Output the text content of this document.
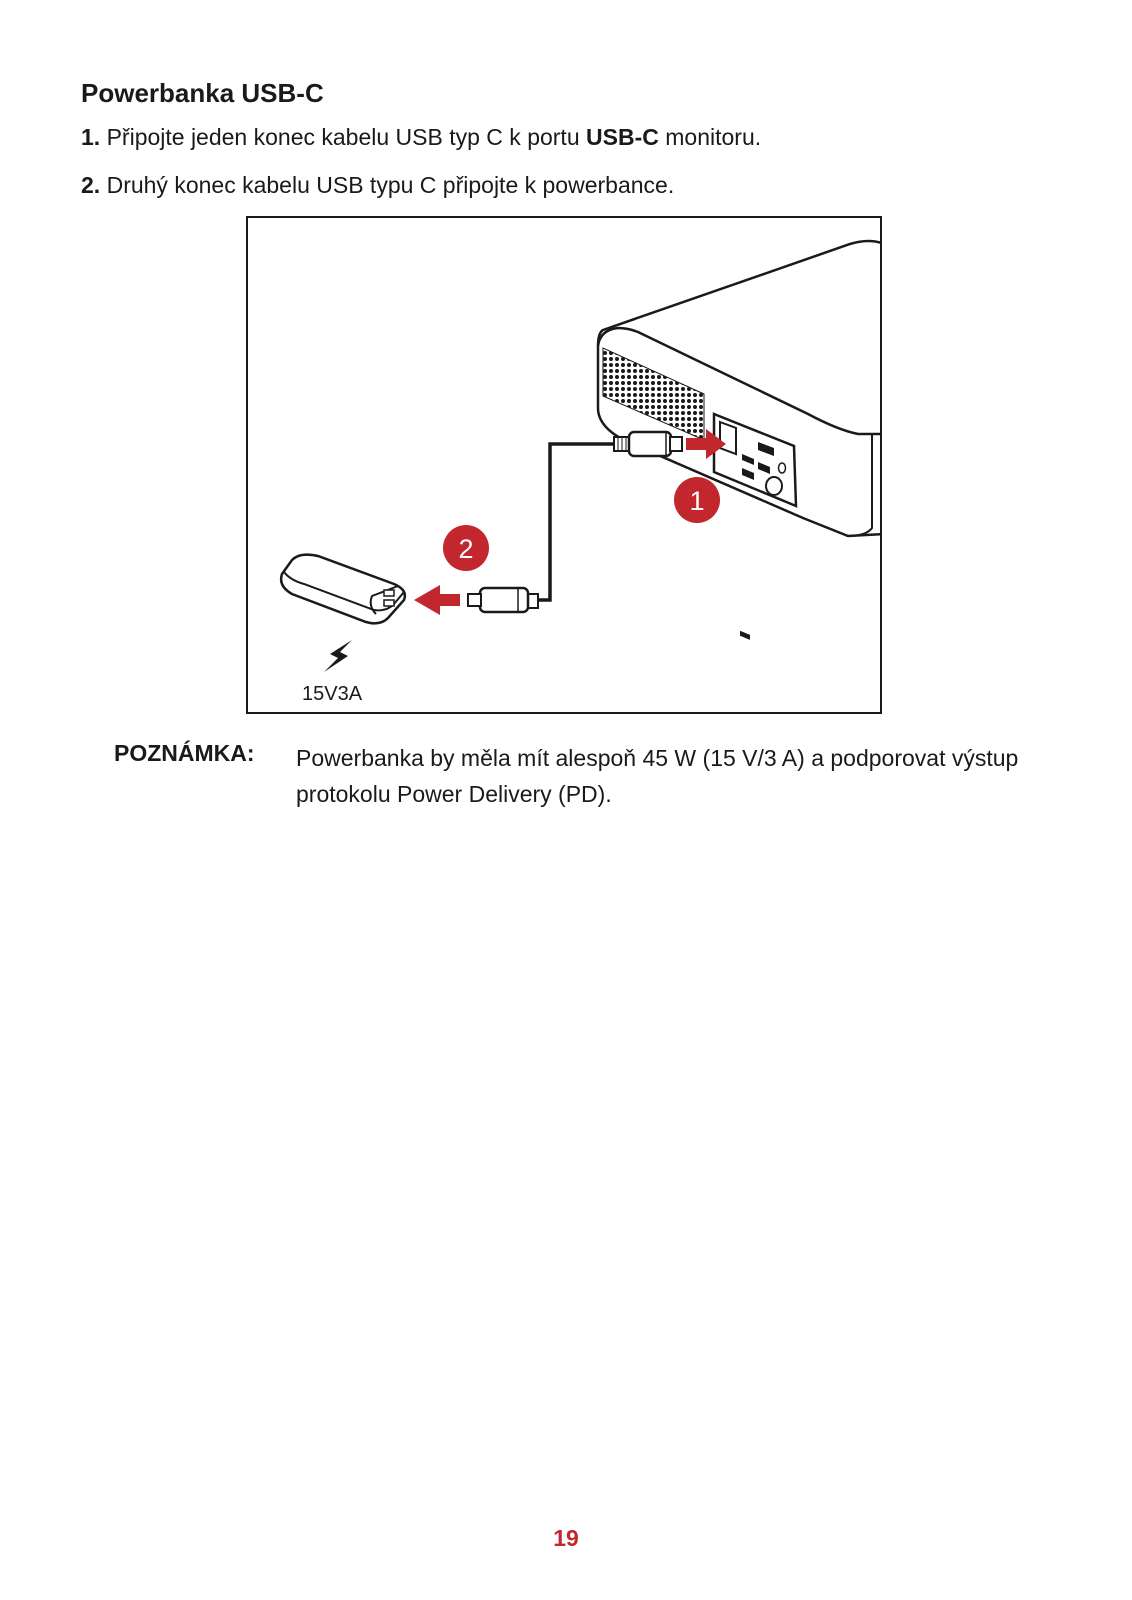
Powerbanka USB-C

1. Připojte jeden konec kabelu USB typ C k portu USB-C monitoru.

2. Druhý konec kabelu USB typu C připojte k powerbance.

1
2
15V3A
POZNÁMKA: Powerbanka by měla mít alespoň 45 W (15 V/3 A) a podporovat výstup protokolu Power Delivery (PD).

19
